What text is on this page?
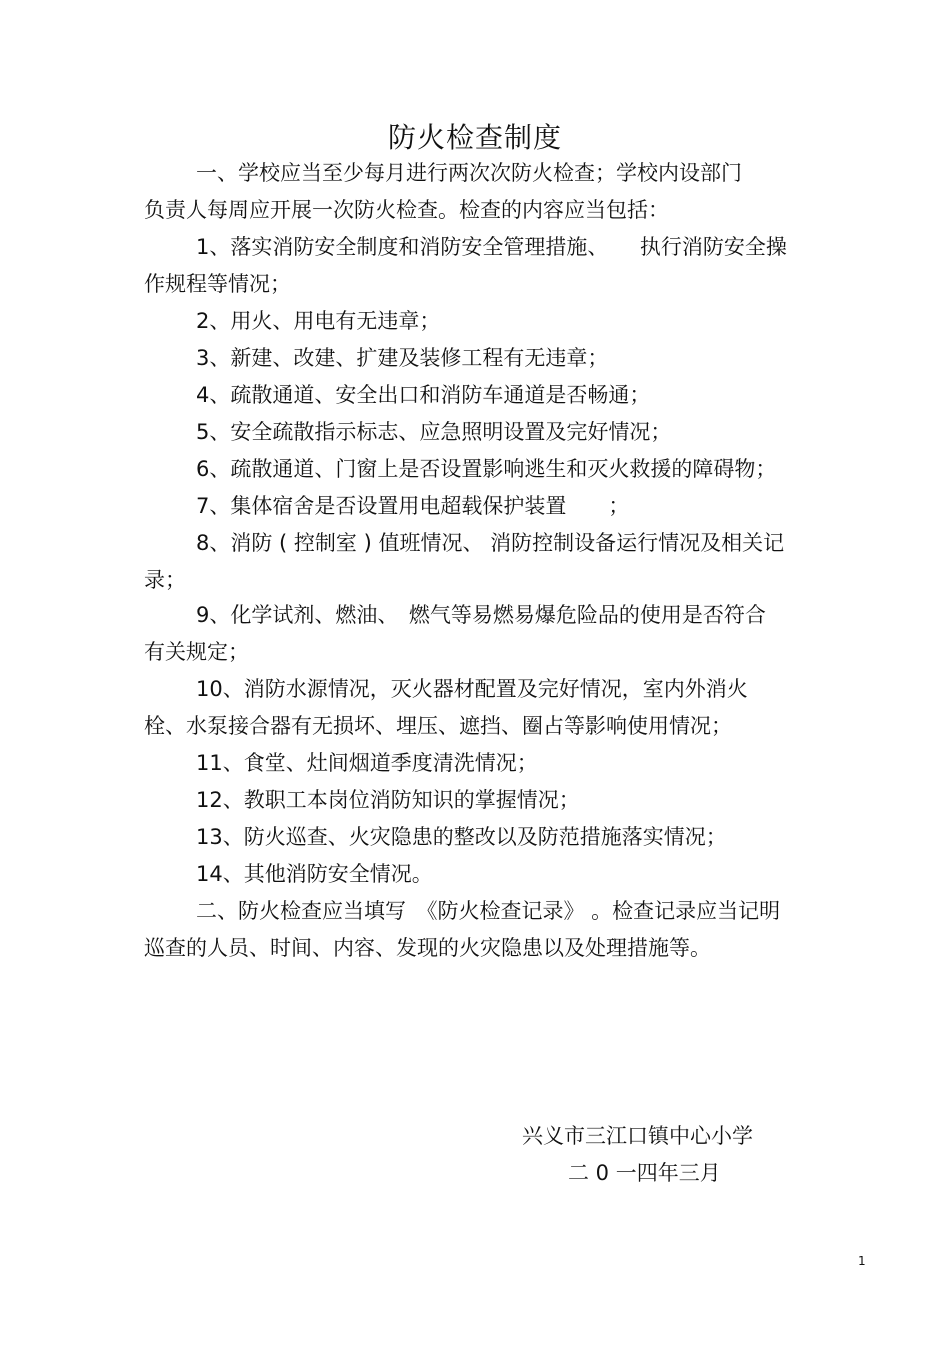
防火检查制度
一、学校应当至少每月进行两次次防火检查；学校内设部门
负责人每周应开展一次防火检查。检查的内容应当包括：
1、落实消防安全制度和消防安全管理措施、　　执行消防安全操
作规程等情况；
2、用火、用电有无违章；
3、新建、改建、扩建及装修工程有无违章；
4、疏散通道、安全出口和消防车通道是否畅通；
5、安全疏散指示标志、应急照明设置及完好情况；
6、疏散通道、门窗上是否设置影响逃生和灭火救援的障碍物；
7、集体宿舍是否设置用电超载保护装置　　；
8、消防 ( 控制室 ) 值班情况、 消防控制设备运行情况及相关记
录；
9、化学试剂、燃油、　燃气等易燃易爆危险品的使用是否符合
有关规定；
10、消防水源情况，灭火器材配置及完好情况，室内外消火
栓、水泵接合器有无损坏、埋压、遮挡、圈占等影响使用情况；
11、食堂、灶间烟道季度清洗情况；
12、教职工本岗位消防知识的掌握情况；
13、防火巡查、火灾隐患的整改以及防范措施落实情况；
14、其他消防安全情况。
二、防火检查应当填写　《防火检查记录》 。检查记录应当记明
巡查的人员、时间、内容、发现的火灾隐患以及处理措施等。
兴义市三江口镇中心小学
二 0 一四年三月
1
